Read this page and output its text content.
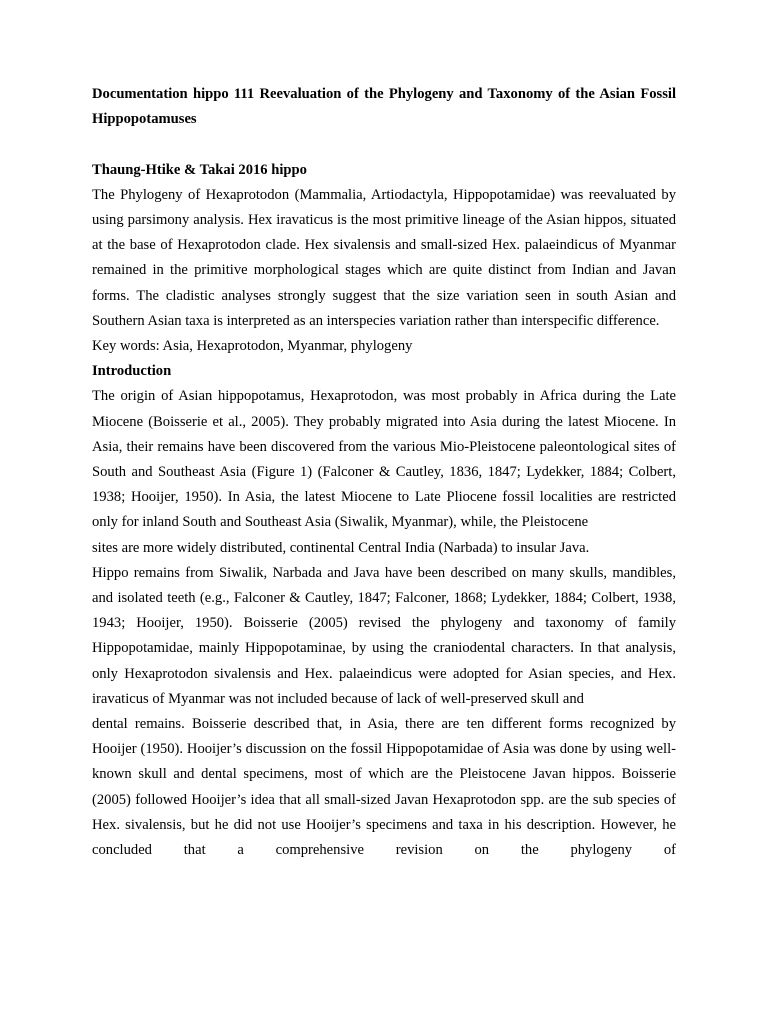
Documentation hippo 111 Reevaluation of the Phylogeny and Taxonomy of the Asian Fossil Hippopotamuses

Thaung-Htike & Takai 2016 hippo

The Phylogeny of Hexaprotodon (Mammalia, Artiodactyla, Hippopotamidae) was reevaluated by using parsimony analysis. Hex iravaticus is the most primitive lineage of the Asian hippos, situated at the base of Hexaprotodon clade. Hex sivalensis and small-sized Hex. palaeindicus of Myanmar remained in the primitive morphological stages which are quite distinct from Indian and Javan forms. The cladistic analyses strongly suggest that the size variation seen in south Asian and Southern Asian taxa is interpreted as an interspecies variation rather than interspecific difference.

Key words: Asia, Hexaprotodon, Myanmar, phylogeny

Introduction

The origin of Asian hippopotamus, Hexaprotodon, was most probably in Africa during the Late Miocene (Boisserie et al., 2005). They probably migrated into Asia during the latest Miocene. In Asia, their remains have been discovered from the various Mio-Pleistocene paleontological sites of South and Southeast Asia (Figure 1) (Falconer & Cautley, 1836, 1847; Lydekker, 1884; Colbert, 1938; Hooijer, 1950). In Asia, the latest Miocene to Late Pliocene fossil localities are restricted only for inland South and Southeast Asia (Siwalik, Myanmar), while, the Pleistocene

sites are more widely distributed, continental Central India (Narbada) to insular Java.

Hippo remains from Siwalik, Narbada and Java have been described on many skulls, mandibles, and isolated teeth (e.g., Falconer & Cautley, 1847; Falconer, 1868; Lydekker, 1884; Colbert, 1938, 1943; Hooijer, 1950). Boisserie (2005) revised the phylogeny and taxonomy of family Hippopotamidae, mainly Hippopotaminae, by using the craniodental characters. In that analysis, only Hexaprotodon sivalensis and Hex. palaeindicus were adopted for Asian species, and Hex. iravaticus of Myanmar was not included because of lack of well-preserved skull and

dental remains. Boisserie described that, in Asia, there are ten different forms recognized by Hooijer (1950). Hooijer’s discussion on the fossil Hippopotamidae of Asia was done by using well-known skull and dental specimens, most of which are the Pleistocene Javan hippos. Boisserie (2005) followed Hooijer’s idea that all small-sized Javan Hexaprotodon spp. are the sub species of Hex. sivalensis, but he did not use Hooijer’s specimens and taxa in his description. However, he concluded that a comprehensive revision on the phylogeny of
